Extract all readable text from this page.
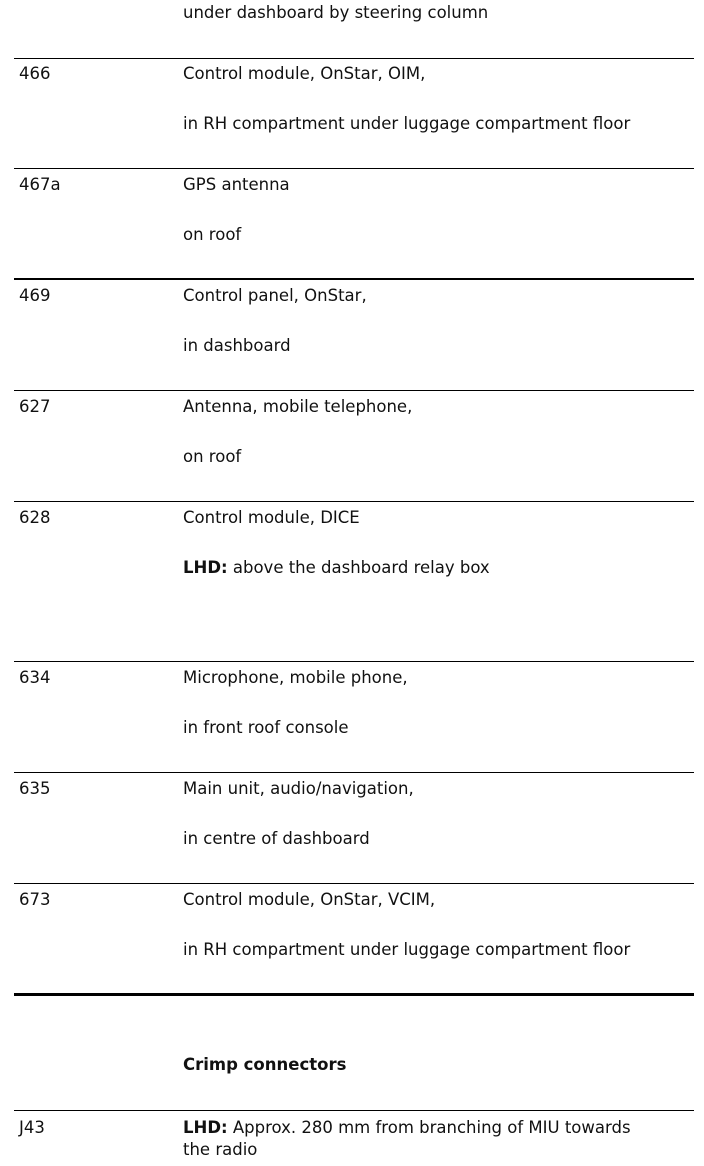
under dashboard by steering column
466	Control module, OnStar, OIM,
in RH compartment under luggage compartment floor
467a	GPS antenna
on roof
469	Control panel, OnStar,
in dashboard
627	Antenna, mobile telephone,
on roof
628	Control module, DICE
LHD: above the dashboard relay box
634	Microphone, mobile phone,
in front roof console
635	Main unit, audio/navigation,
in centre of dashboard
673	Control module, OnStar, VCIM,
in RH compartment under luggage compartment floor
Crimp connectors
J43	LHD: Approx. 280 mm from branching of MIU towards
the radio
